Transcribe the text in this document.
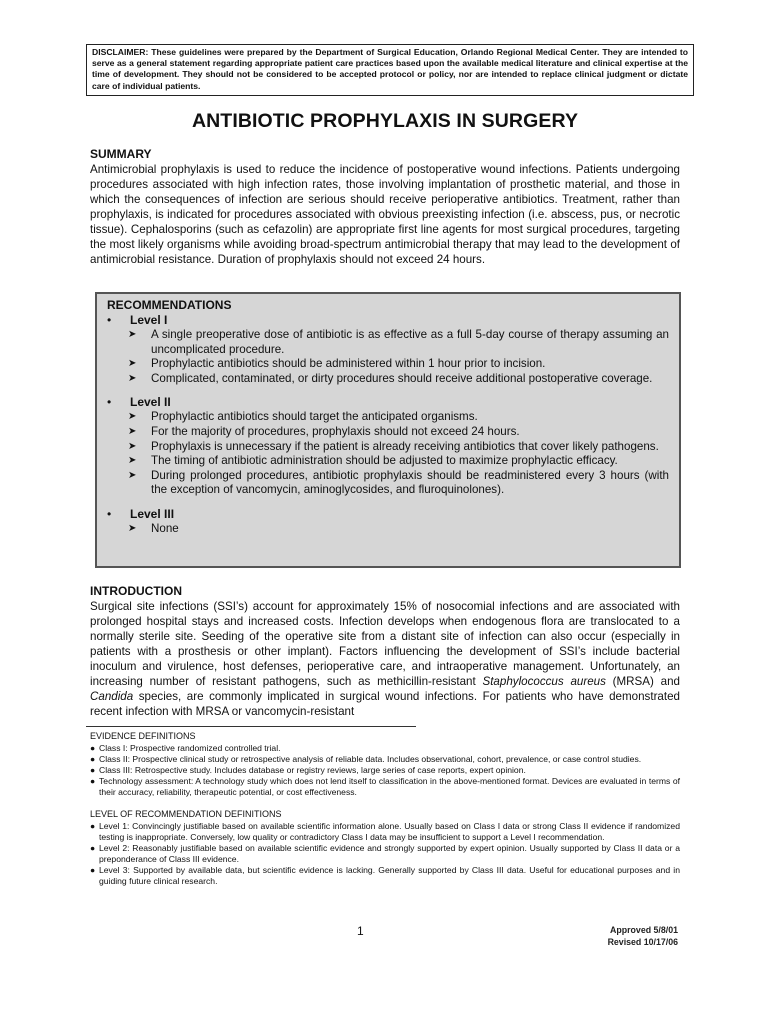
DISCLAIMER: These guidelines were prepared by the Department of Surgical Education, Orlando Regional Medical Center. They are intended to serve as a general statement regarding appropriate patient care practices based upon the available medical literature and clinical expertise at the time of development. They should not be considered to be accepted protocol or policy, nor are intended to replace clinical judgment or dictate care of individual patients.
ANTIBIOTIC PROPHYLAXIS IN SURGERY
SUMMARY
Antimicrobial prophylaxis is used to reduce the incidence of postoperative wound infections. Patients undergoing procedures associated with high infection rates, those involving implantation of prosthetic material, and those in which the consequences of infection are serious should receive perioperative antibiotics. Treatment, rather than prophylaxis, is indicated for procedures associated with obvious preexisting infection (i.e. abscess, pus, or necrotic tissue). Cephalosporins (such as cefazolin) are appropriate first line agents for most surgical procedures, targeting the most likely organisms while avoiding broad-spectrum antimicrobial therapy that may lead to the development of antimicrobial resistance. Duration of prophylaxis should not exceed 24 hours.
RECOMMENDATIONS
•	Level I
➤	A single preoperative dose of antibiotic is as effective as a full 5-day course of therapy assuming an uncomplicated procedure.
➤	Prophylactic antibiotics should be administered within 1 hour prior to incision.
➤	Complicated, contaminated, or dirty procedures should receive additional postoperative coverage.
•	Level II
➤	Prophylactic antibiotics should target the anticipated organisms.
➤	For the majority of procedures, prophylaxis should not exceed 24 hours.
➤	Prophylaxis is unnecessary if the patient is already receiving antibiotics that cover likely pathogens.
➤	The timing of antibiotic administration should be adjusted to maximize prophylactic efficacy.
➤	During prolonged procedures, antibiotic prophylaxis should be readministered every 3 hours (with the exception of vancomycin, aminoglycosides, and fluroquinolones).
•	Level III
➤	None
INTRODUCTION
Surgical site infections (SSI’s) account for approximately 15% of nosocomial infections and are associated with prolonged hospital stays and increased costs. Infection develops when endogenous flora are translocated to a normally sterile site. Seeding of the operative site from a distant site of infection can also occur (especially in patients with a prosthesis or other implant). Factors influencing the development of SSI’s include bacterial inoculum and virulence, host defenses, perioperative care, and intraoperative management. Unfortunately, an increasing number of resistant pathogens, such as methicillin-resistant Staphylococcus aureus (MRSA) and Candida species, are commonly implicated in surgical wound infections. For patients who have demonstrated recent infection with MRSA or vancomycin-resistant
EVIDENCE DEFINITIONS
● Class I: Prospective randomized controlled trial.
● Class II: Prospective clinical study or retrospective analysis of reliable data. Includes observational, cohort, prevalence, or case control studies.
● Class III: Retrospective study. Includes database or registry reviews, large series of case reports, expert opinion.
● Technology assessment: A technology study which does not lend itself to classification in the above-mentioned format. Devices are evaluated in terms of their accuracy, reliability, therapeutic potential, or cost effectiveness.
LEVEL OF RECOMMENDATION DEFINITIONS
● Level 1: Convincingly justifiable based on available scientific information alone. Usually based on Class I data or strong Class II evidence if randomized testing is inappropriate. Conversely, low quality or contradictory Class I data may be insufficient to support a Level I recommendation.
● Level 2: Reasonably justifiable based on available scientific evidence and strongly supported by expert opinion. Usually supported by Class II data or a preponderance of Class III evidence.
● Level 3: Supported by available data, but scientific evidence is lacking. Generally supported by Class III data. Useful for educational purposes and in guiding future clinical research.
1	Approved 5/8/01
Revised 10/17/06
